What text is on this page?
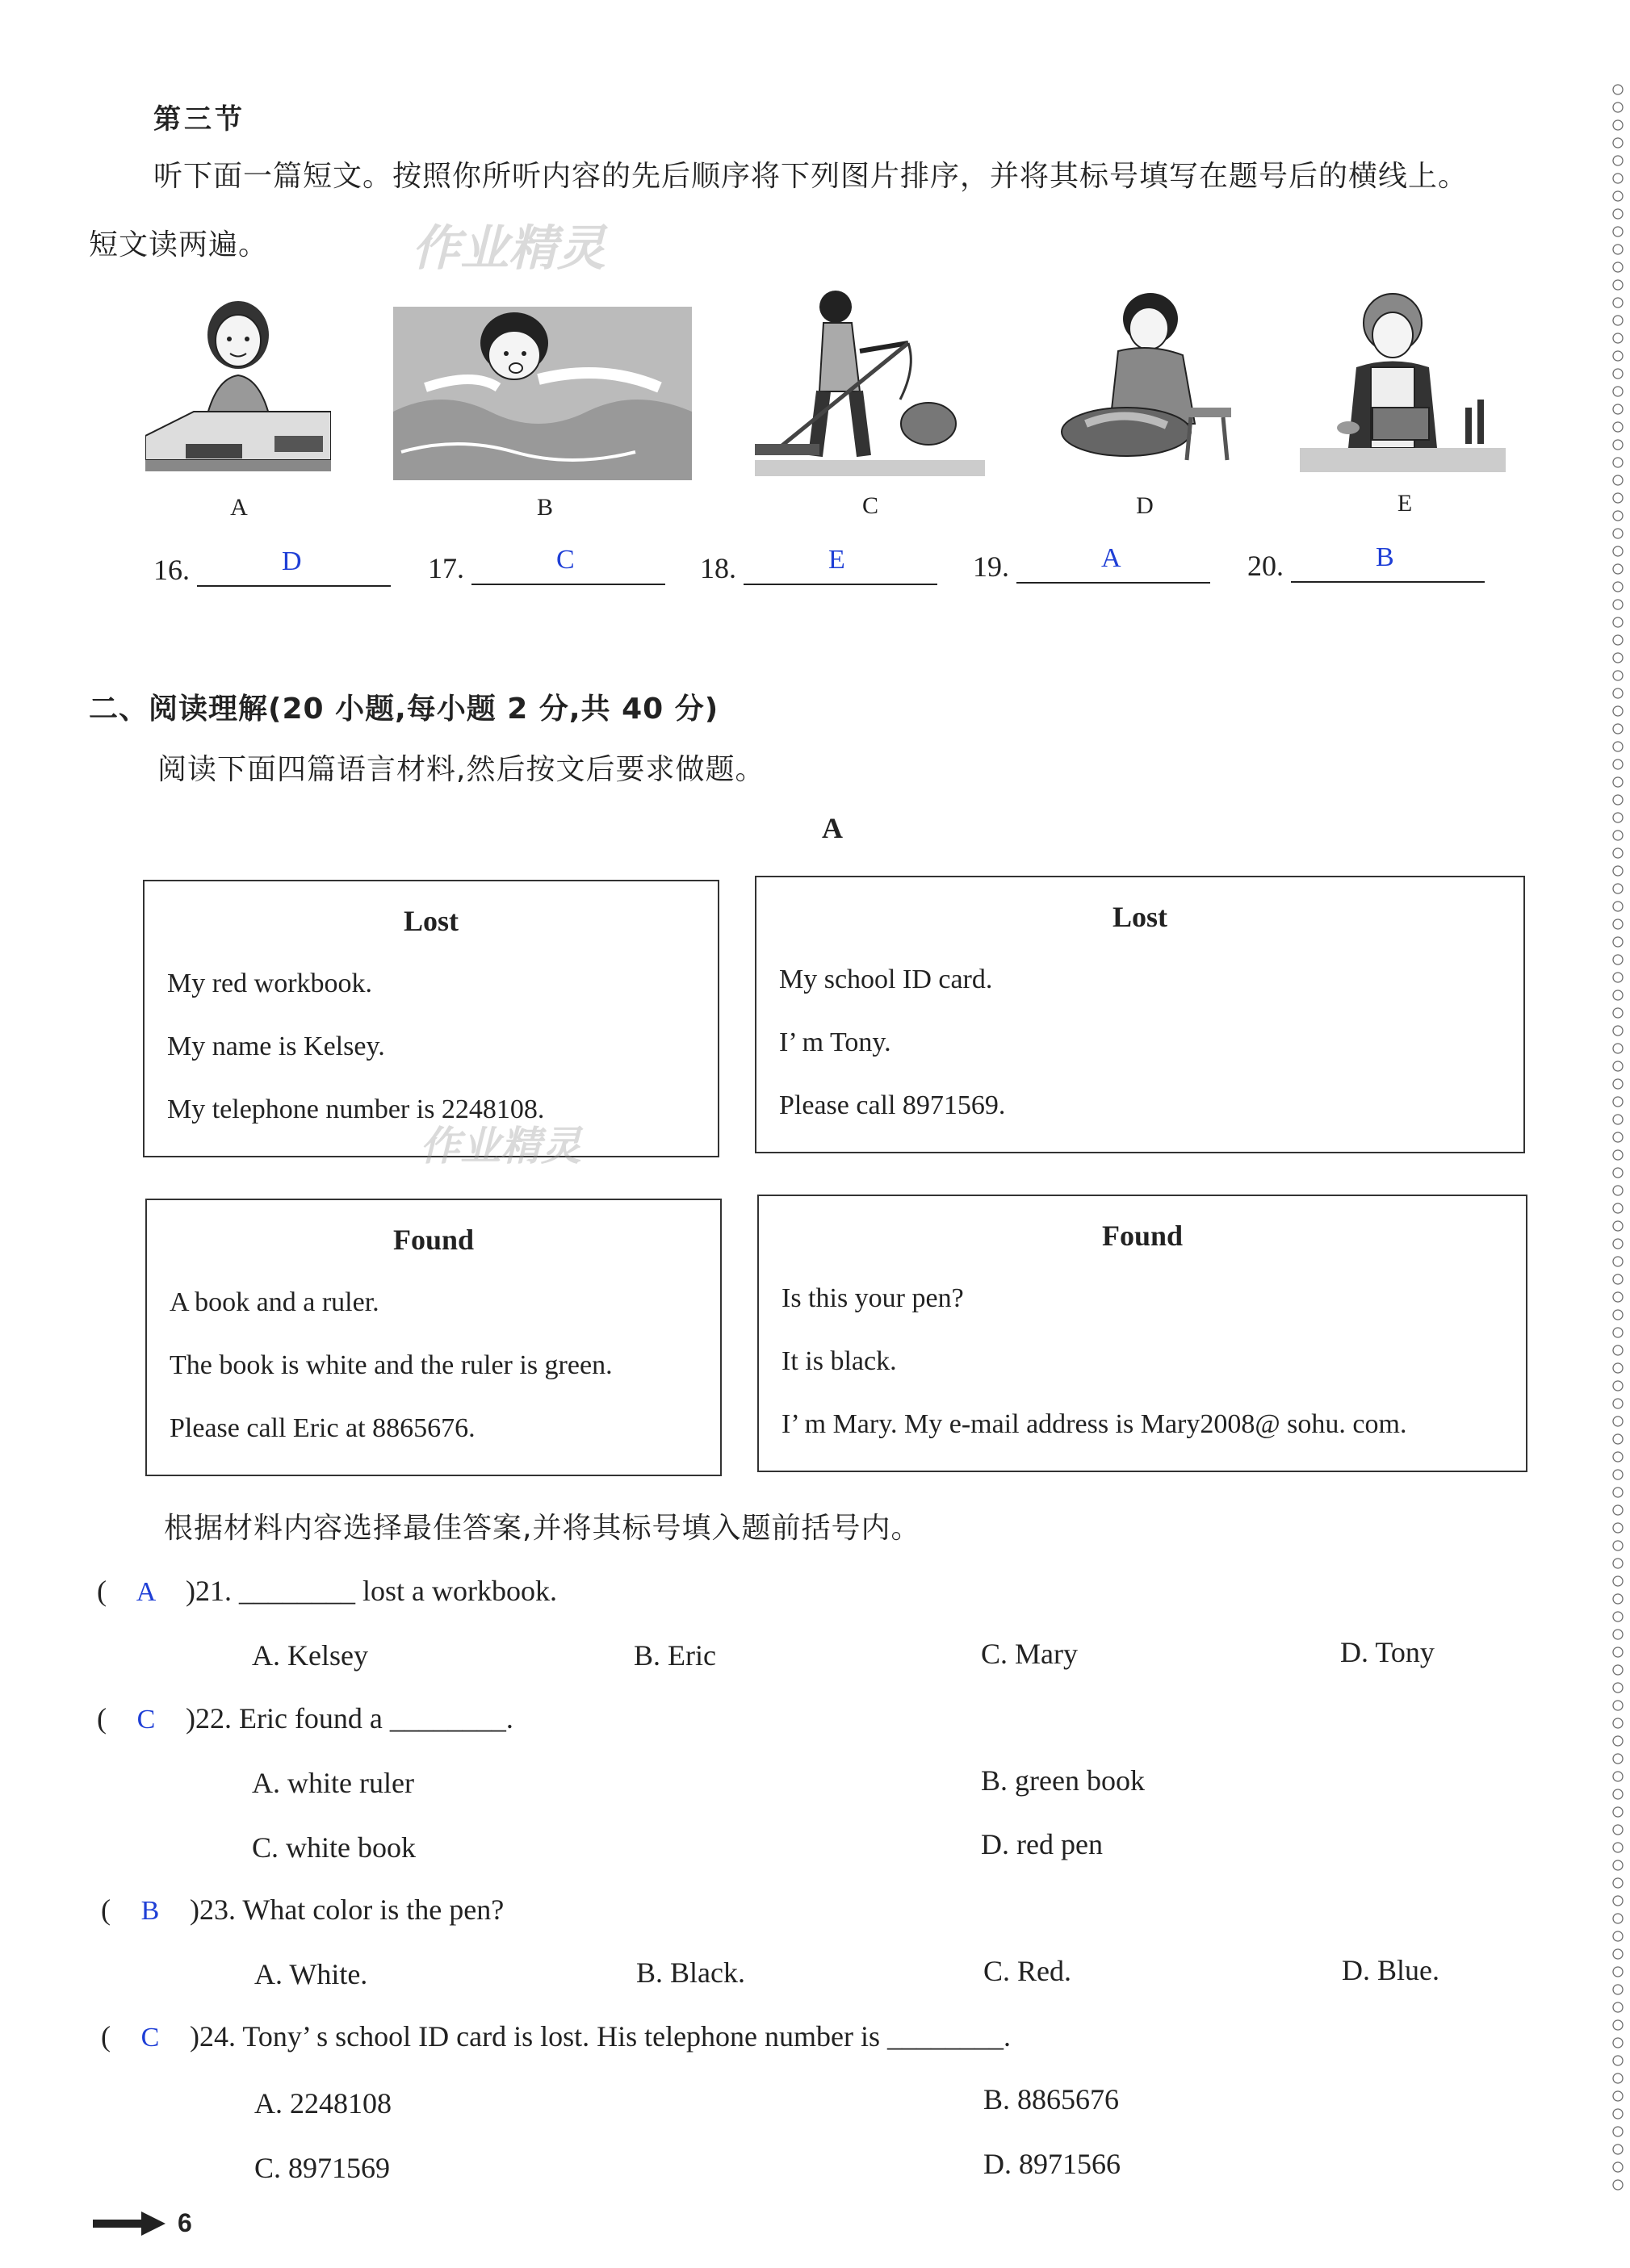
第三节
听下面一篇短文。按照你所听内容的先后顺序将下列图片排序，并将其标号填写在题号后的横线上。
短文读两遍。	作业精灵
A	B	C	D	E
16.	D	17.	C	18.	E	19.	A	20.	B
二、阅读理解(20 小题,每小题 2 分,共 40 分)
阅读下面四篇语言材料,然后按文后要求做题。
A
Lost
My red workbook.
My name is Kelsey.
My telephone number is 2248108.
作业精灵
Lost
My school ID card.
I’ m Tony.
Please call 8971569.
Found
A book and a ruler.
The book is white and the ruler is green.
Please call Eric at 8865676.
Found
Is this your pen?
It is black.
I’ m Mary. My e-mail address is Mary2008@ sohu. com.
根据材料内容选择最佳答案,并将其标号填入题前括号内。
( A )21. ________ lost a workbook.
A. Kelsey	B. Eric	C. Mary	D. Tony
( C )22. Eric found a ________.
A. white ruler	B. green book
C. white book	D. red pen
( B )23. What color is the pen?
A. White.	B. Black.	C. Red.	D. Blue.
( C )24. Tony’ s school ID card is lost. His telephone number is ________.
A. 2248108	B. 8865676
C. 8971569	D. 8971566
6
